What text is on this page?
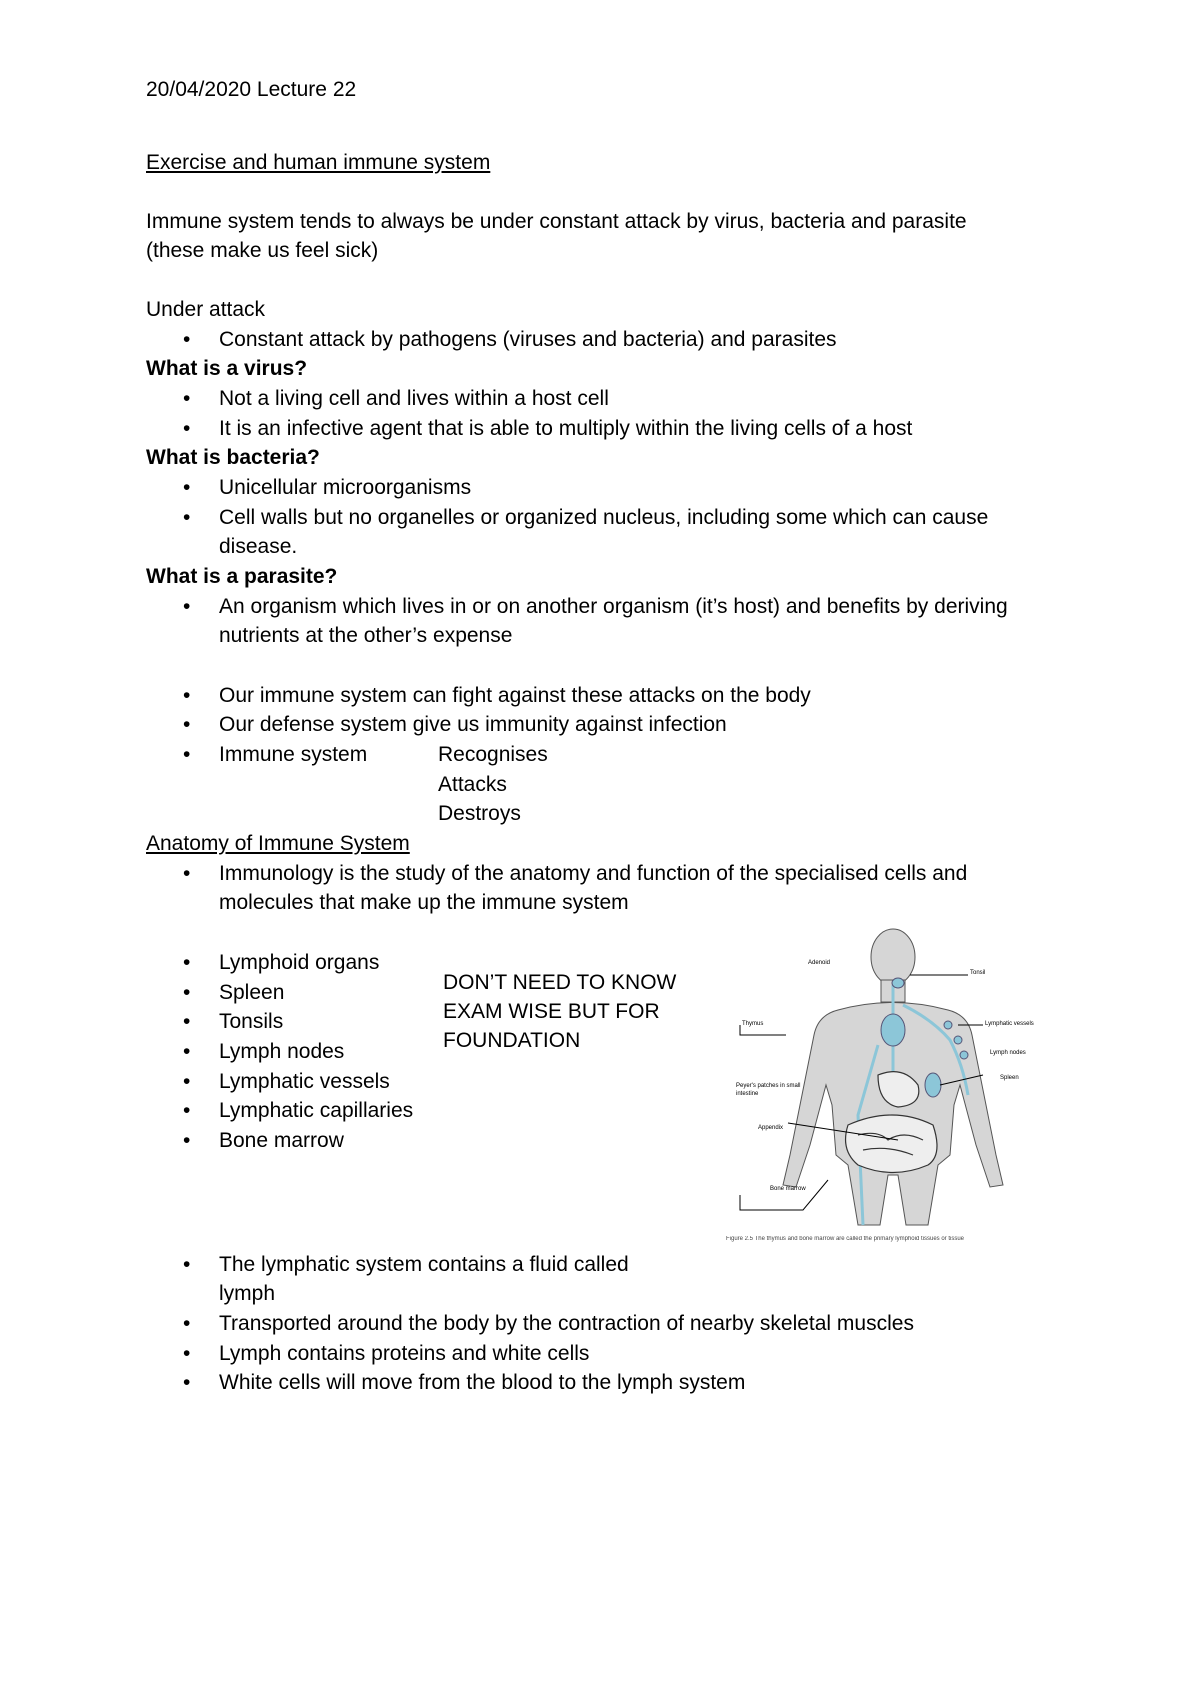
20/04/2020 Lecture 22
Exercise and human immune system
Immune system tends to always be under constant attack by virus, bacteria and parasite
(these make us feel sick)
Under attack
• Constant attack by pathogens (viruses and bacteria) and parasites
What is a virus?
• Not a living cell and lives within a host cell
• It is an infective agent that is able to multiply within the living cells of a host
What is bacteria?
• Unicellular microorganisms
• Cell walls but no organelles or organized nucleus, including some which can cause
disease.
What is a parasite?
• An organism which lives in or on another organism (it’s host) and benefits by deriving
nutrients at the other’s expense
• Our immune system can fight against these attacks on the body
• Our defense system give us immunity against infection
• Immune system	Recognises
Attacks
Destroys
Anatomy of Immune System
• Immunology is the study of the anatomy and function of the specialised cells and
molecules that make up the immune system
• Lymphoid organs
• Spleen
• Tonsils
• Lymph nodes
• Lymphatic vessels
• Lymphatic capillaries
• Bone marrow
DON’T NEED TO KNOW
EXAM WISE BUT FOR
FOUNDATION
Adenoid
Tonsil
Thymus	Lymphatic vessels
Lymph nodes
Spleen
Peyer's patches in small intestine
Appendix
Bone marrow
Figure 2.5 The thymus and bone marrow are called the primary lymphoid tissues or tissue
• The lymphatic system contains a fluid called
lymph
• Transported around the body by the contraction of nearby skeletal muscles
• Lymph contains proteins and white cells
• White cells will move from the blood to the lymph system
